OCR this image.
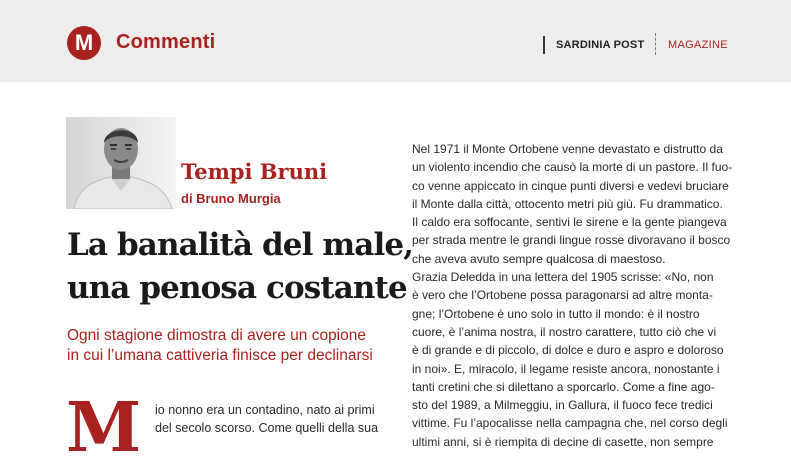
M	Commenti	SARDINIA POST MAGAZINE
Tempi Bruni
di Bruno Murgia
La banalità del male,
una penosa costante
Ogni stagione dimostra di avere un copione
in cui l’umana cattiveria finisce per declinarsi
M io nonno era un contadino, nato ai primi
del secolo scorso. Come quelli della sua
Nel 1971 il Monte Ortobene venne devastato e distrutto da
un violento incendio che causò la morte di un pastore. Il fuo-
co venne appiccato in cinque punti diversi e vedevi bruciare
il Monte dalla città, ottocento metri più giù. Fu drammatico.
Il caldo era soffocante, sentivi le sirene e la gente piangeva
per strada mentre le grandi lingue rosse divoravano il bosco
che aveva avuto sempre qualcosa di maestoso.
Grazia Deledda in una lettera del 1905 scrisse: «No, non
è vero che l’Ortobene possa paragonarsi ad altre monta-
gne; l’Ortobene è uno solo in tutto il mondo: è il nostro
cuore, è l’anima nostra, il nostro carattere, tutto ciò che vi
è di grande e di piccolo, di dolce e duro e aspro e doloroso
in noi». E, miracolo, il legame resiste ancora, nonostante i
tanti cretini che si dilettano a sporcarlo. Come a fine ago-
sto del 1989, a Milmeggiu, in Gallura, il fuoco fece tredici
vittime. Fu l’apocalisse nella campagna che, nel corso degli
ultimi anni, si è riempita di decine di casette, non sempre
